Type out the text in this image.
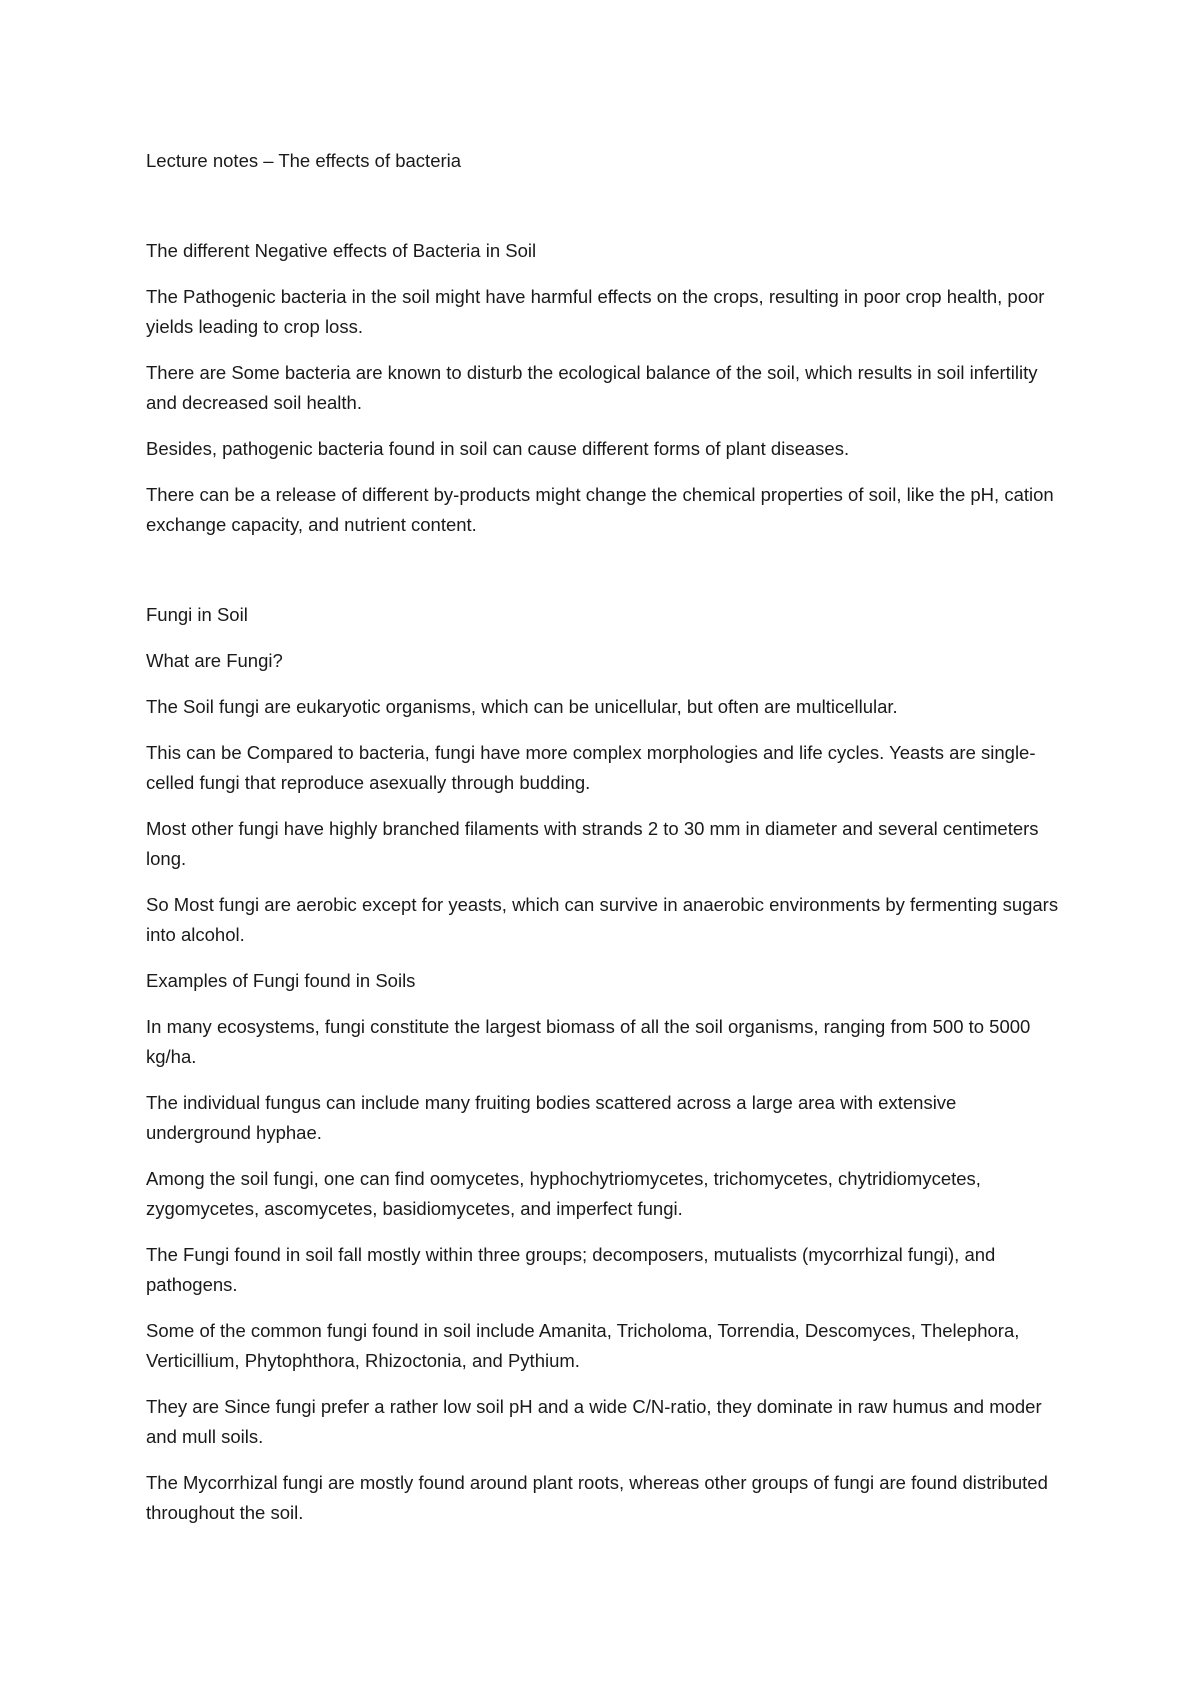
Lecture notes – The effects of bacteria

The different Negative effects of Bacteria in Soil

The Pathogenic bacteria in the soil might have harmful effects on the crops, resulting in poor crop health, poor yields leading to crop loss.

There are Some bacteria are known to disturb the ecological balance of the soil, which results in soil infertility and decreased soil health.

Besides, pathogenic bacteria found in soil can cause different forms of plant diseases.

There can be a release of different by-products might change the chemical properties of soil, like the pH, cation exchange capacity, and nutrient content.

Fungi in Soil

What are Fungi?

The Soil fungi are eukaryotic organisms, which can be unicellular, but often are multicellular.

This can be Compared to bacteria, fungi have more complex morphologies and life cycles. Yeasts are single-celled fungi that reproduce asexually through budding.

Most other fungi have highly branched filaments with strands 2 to 30 mm in diameter and several centimeters long.

So Most fungi are aerobic except for yeasts, which can survive in anaerobic environments by fermenting sugars into alcohol.

Examples of Fungi found in Soils

In many ecosystems, fungi constitute the largest biomass of all the soil organisms, ranging from 500 to 5000 kg/ha.

The individual fungus can include many fruiting bodies scattered across a large area with extensive underground hyphae.

Among the soil fungi, one can find oomycetes, hyphochytriomycetes, trichomycetes, chytridiomycetes, zygomycetes, ascomycetes, basidiomycetes, and imperfect fungi.

The Fungi found in soil fall mostly within three groups; decomposers, mutualists (mycorrhizal fungi), and pathogens.

Some of the common fungi found in soil include Amanita, Tricholoma, Torrendia, Descomyces, Thelephora, Verticillium, Phytophthora, Rhizoctonia, and Pythium.

They are Since fungi prefer a rather low soil pH and a wide C/N-ratio, they dominate in raw humus and moder and mull soils.

The Mycorrhizal fungi are mostly found around plant roots, whereas other groups of fungi are found distributed throughout the soil.
